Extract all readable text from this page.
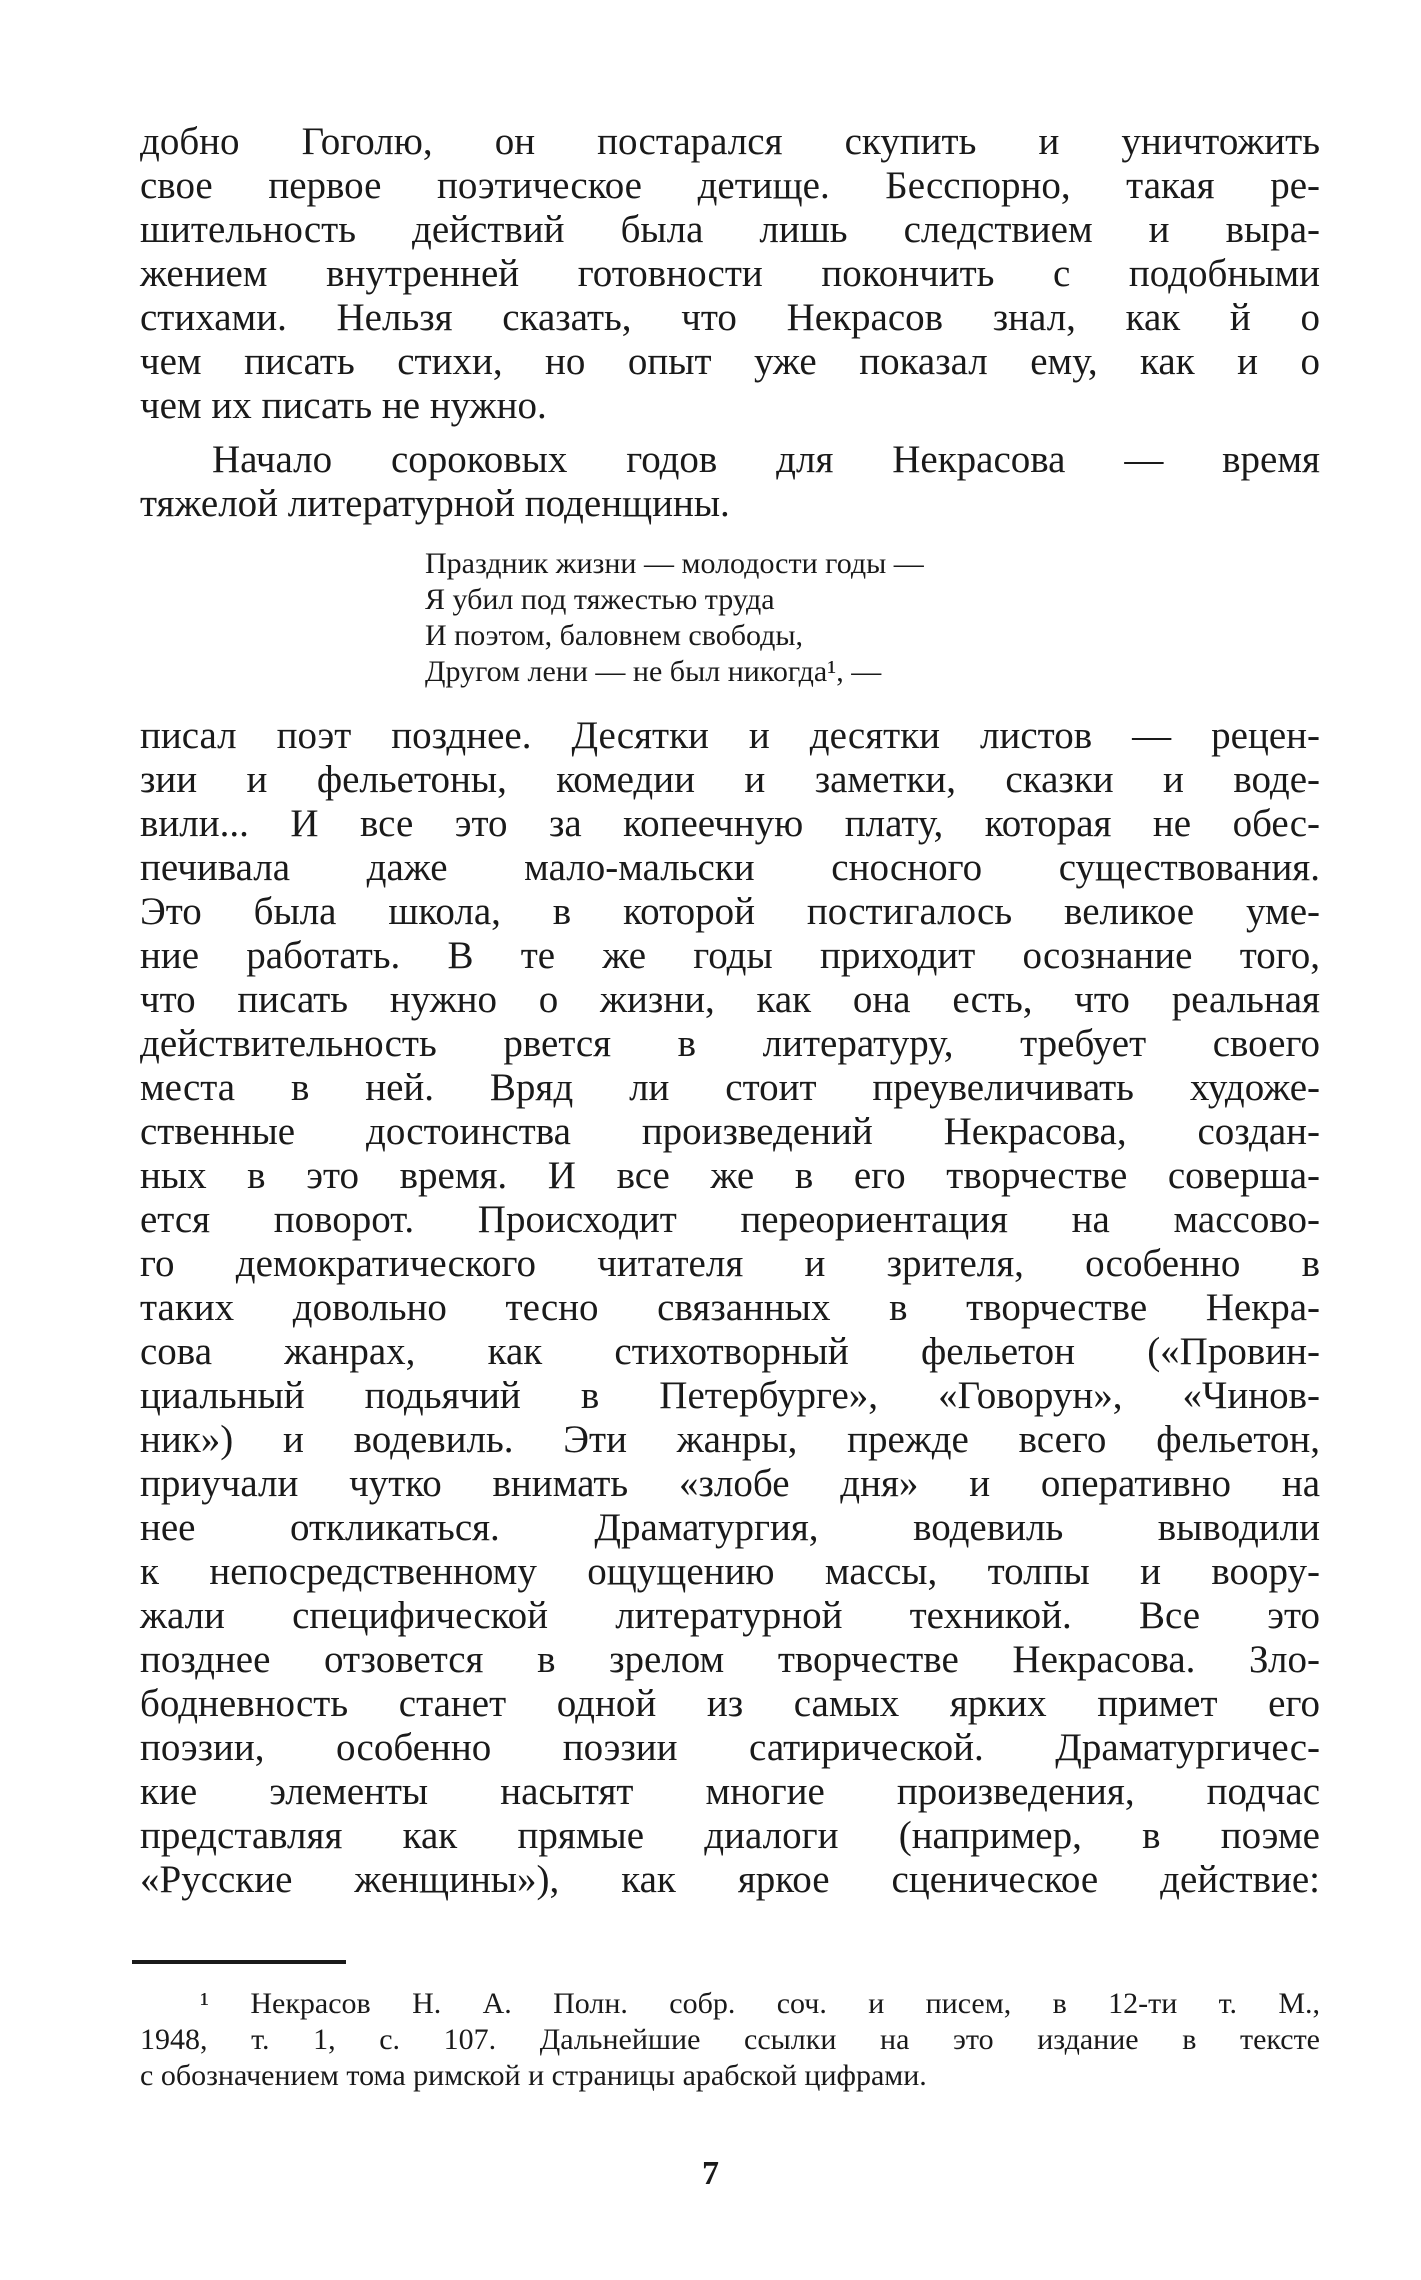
добно Гоголю, он постарался скупить и уничтожить
свое первое поэтическое детище. Бесспорно, такая ре-
шительность действий была лишь следствием и выра-
жением внутренней готовности покончить с подобными
стихами. Нельзя сказать, что Некрасов знал, как й о
чем писать стихи, но опыт уже показал ему, как и о
чем их писать не нужно.
Начало сороковых годов для Некрасова — время
тяжелой литературной поденщины.
Праздник жизни — молодости годы —
Я убил под тяжестью труда
И поэтом, баловнем свободы,
Другом лени — не был никогда¹, —
писал поэт позднее. Десятки и десятки листов — рецен-
зии и фельетоны, комедии и заметки, сказки и воде-
вили... И все это за копеечную плату, которая не обес-
печивала даже мало-мальски сносного существования.
Это была школа, в которой постигалось великое уме-
ние работать. В те же годы приходит осознание того,
что писать нужно о жизни, как она есть, что реальная
действительность рвется в литературу, требует своего
места в ней. Вряд ли стоит преувеличивать художе-
ственные достоинства произведений Некрасова, создан-
ных в это время. И все же в его творчестве соверша-
ется поворот. Происходит переориентация на массово-
го демократического читателя и зрителя, особенно в
таких довольно тесно связанных в творчестве Некра-
сова жанрах, как стихотворный фельетон («Провин-
циальный подьячий в Петербурге», «Говорун», «Чинов-
ник») и водевиль. Эти жанры, прежде всего фельетон,
приучали чутко внимать «злобе дня» и оперативно на
нее откликаться. Драматургия, водевиль выводили
к непосредственному ощущению массы, толпы и воору-
жали специфической литературной техникой. Все это
позднее отзовется в зрелом творчестве Некрасова. Зло-
бодневность станет одной из самых ярких примет его
поэзии, особенно поэзии сатирической. Драматургичес-
кие элементы насытят многие произведения, подчас
представляя как прямые диалоги (например, в поэме
«Русские женщины»), как яркое сценическое действие:
¹ Некрасов Н. А. Полн. собр. соч. и писем, в 12-ти т. М.,
1948, т. 1, с. 107. Дальнейшие ссылки на это издание в тексте
с обозначением тома римской и страницы арабской цифрами.
7
